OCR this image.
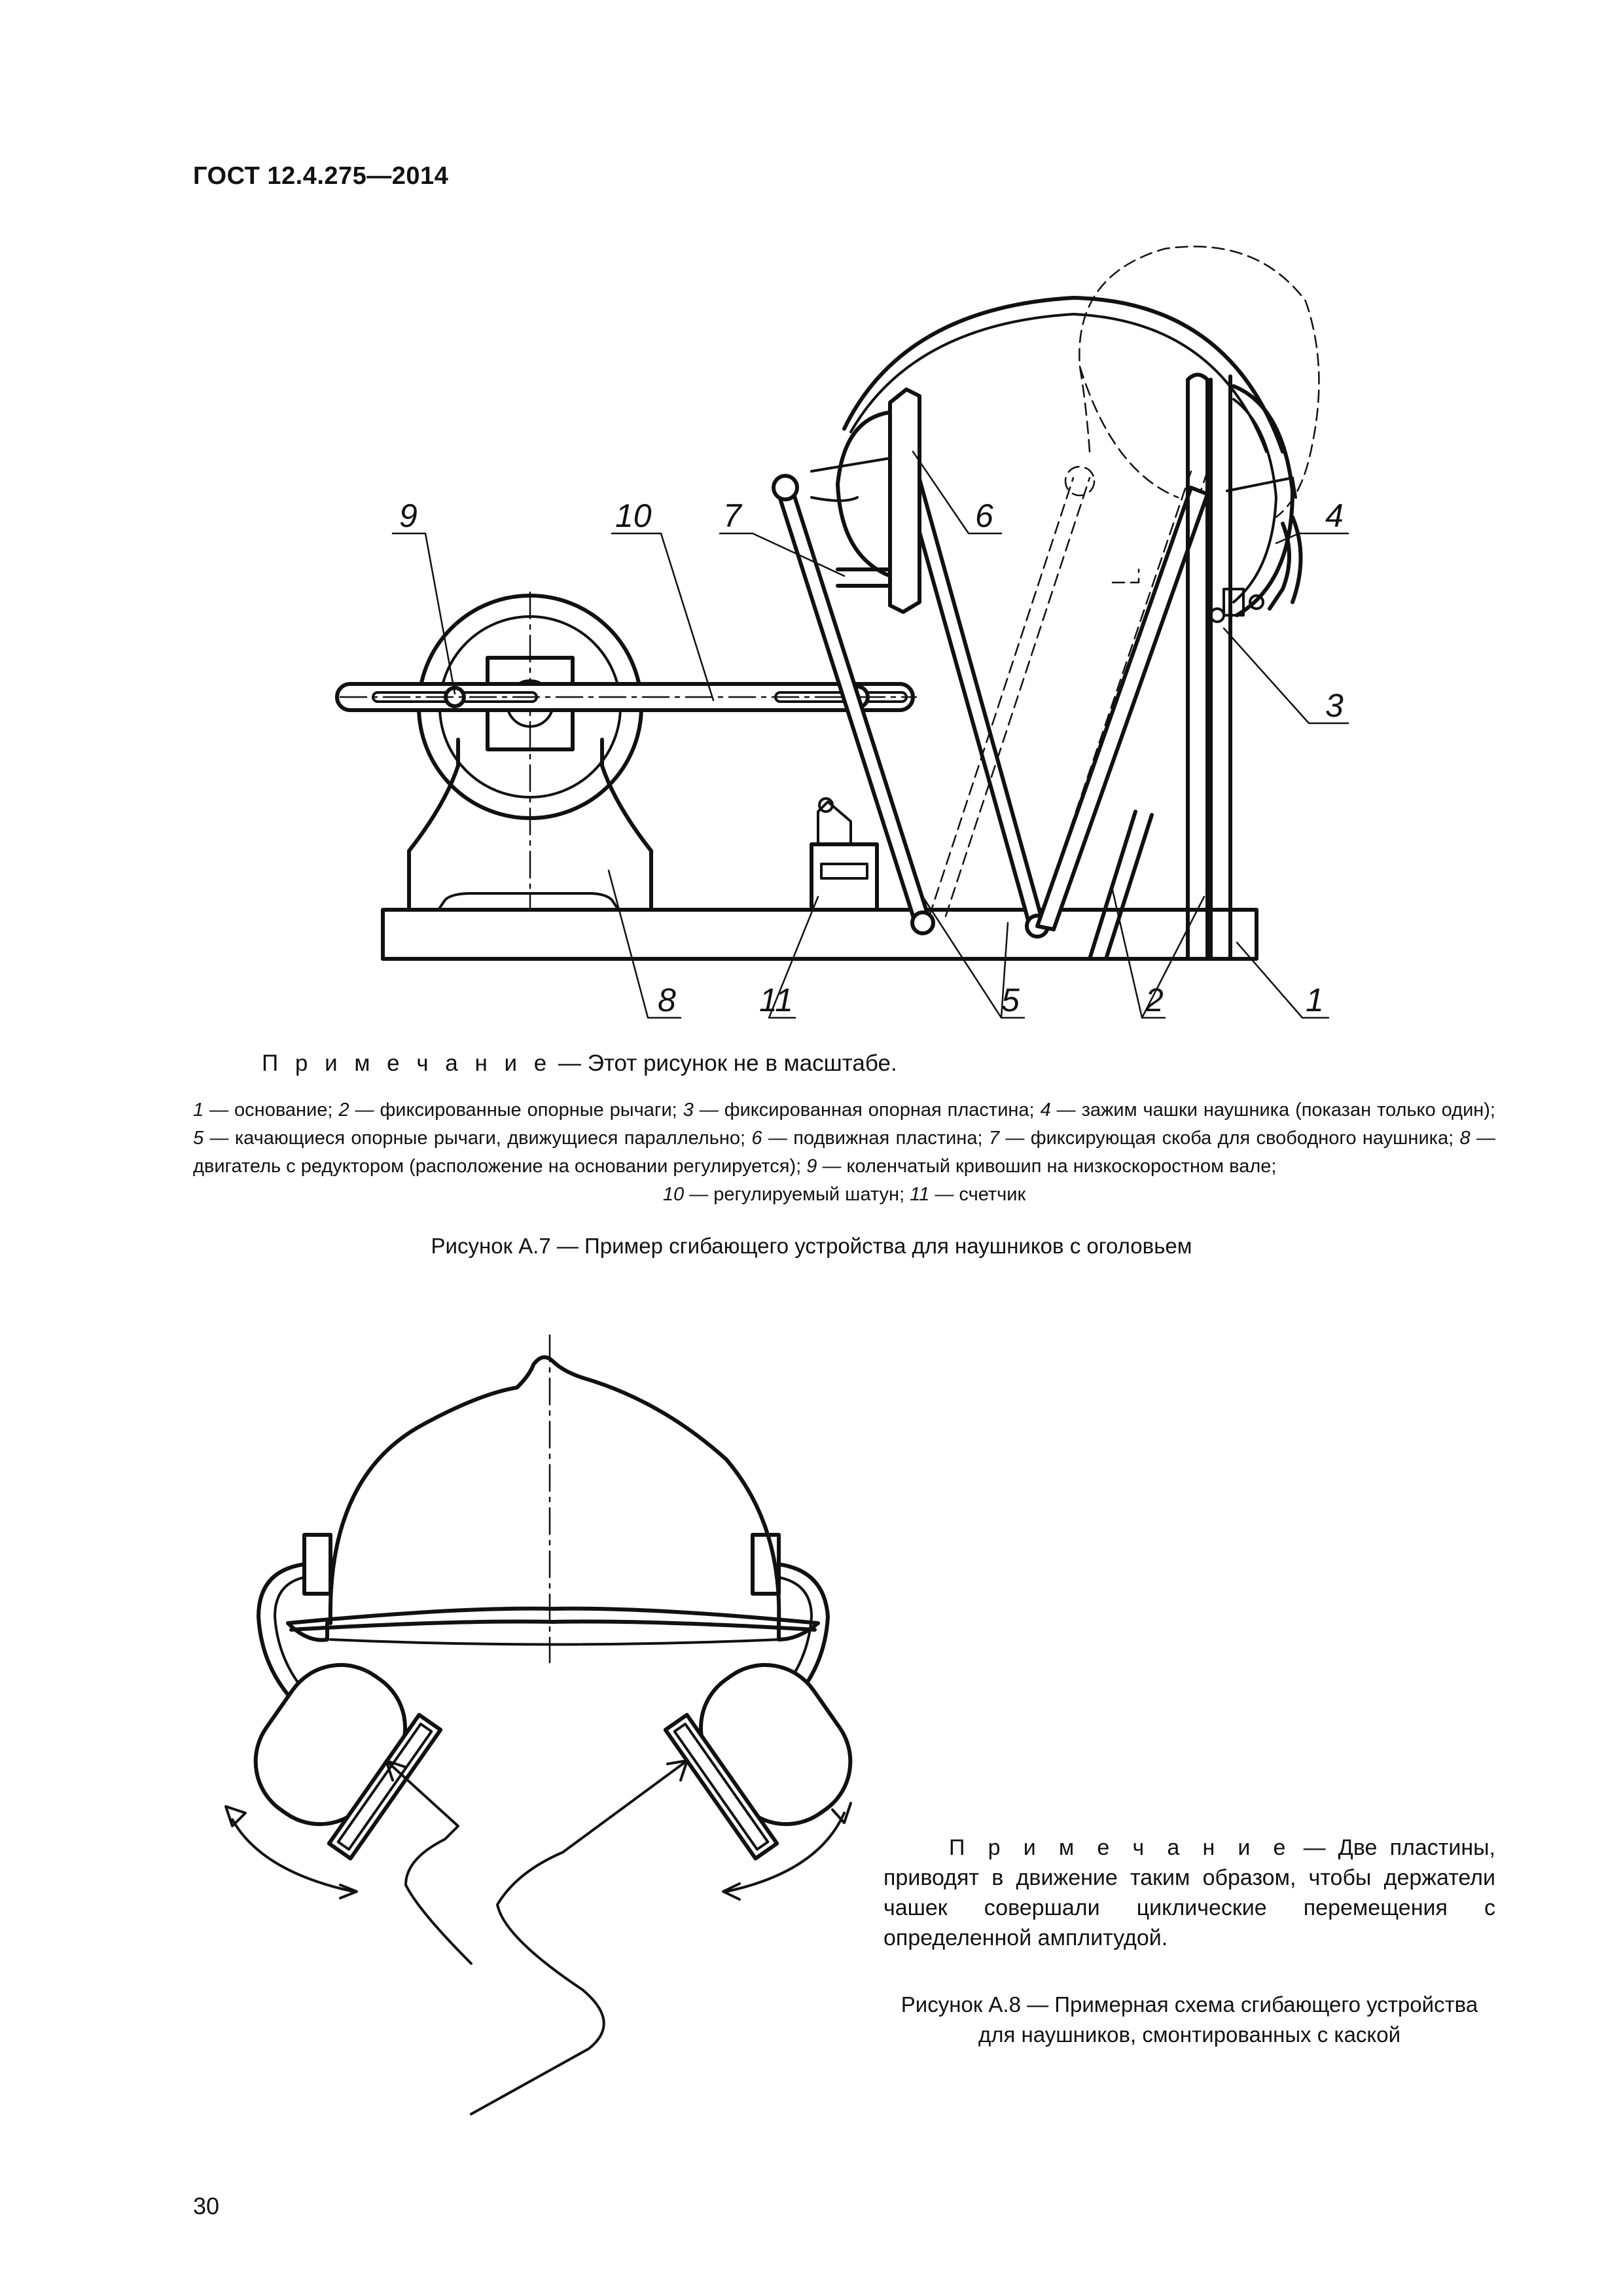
ГОСТ 12.4.275—2014
9	10 7	6	4
3
8	11	5	2	1
П р и м е ч а н и е — Этот рисунок не в масштабе.
1 — основание; 2 — фиксированные опорные рычаги; 3 — фиксированная опорная пластина; 4 — зажим чашки наушника (показан только один); 5 — качающиеся опорные рычаги, движущиеся параллельно; 6 — подвижная пластина; 7 — фиксирующая скоба для свободного наушника; 8 — двигатель с редуктором (расположение на основании регулируется); 9 — коленчатый кривошип на низкоскоростном вале;
10 — регулируемый шатун; 11 — счетчик
Рисунок А.7 — Пример сгибающего устройства для наушников с оголовьем
П р и м е ч а н и е — Две пластины, приводят в движение таким образом, чтобы держатели чашек совершали циклические перемещения с определенной амплитудой.
Рисунок А.8 — Примерная схема сгибающего устройства для наушников, смонтированных с каской
30
